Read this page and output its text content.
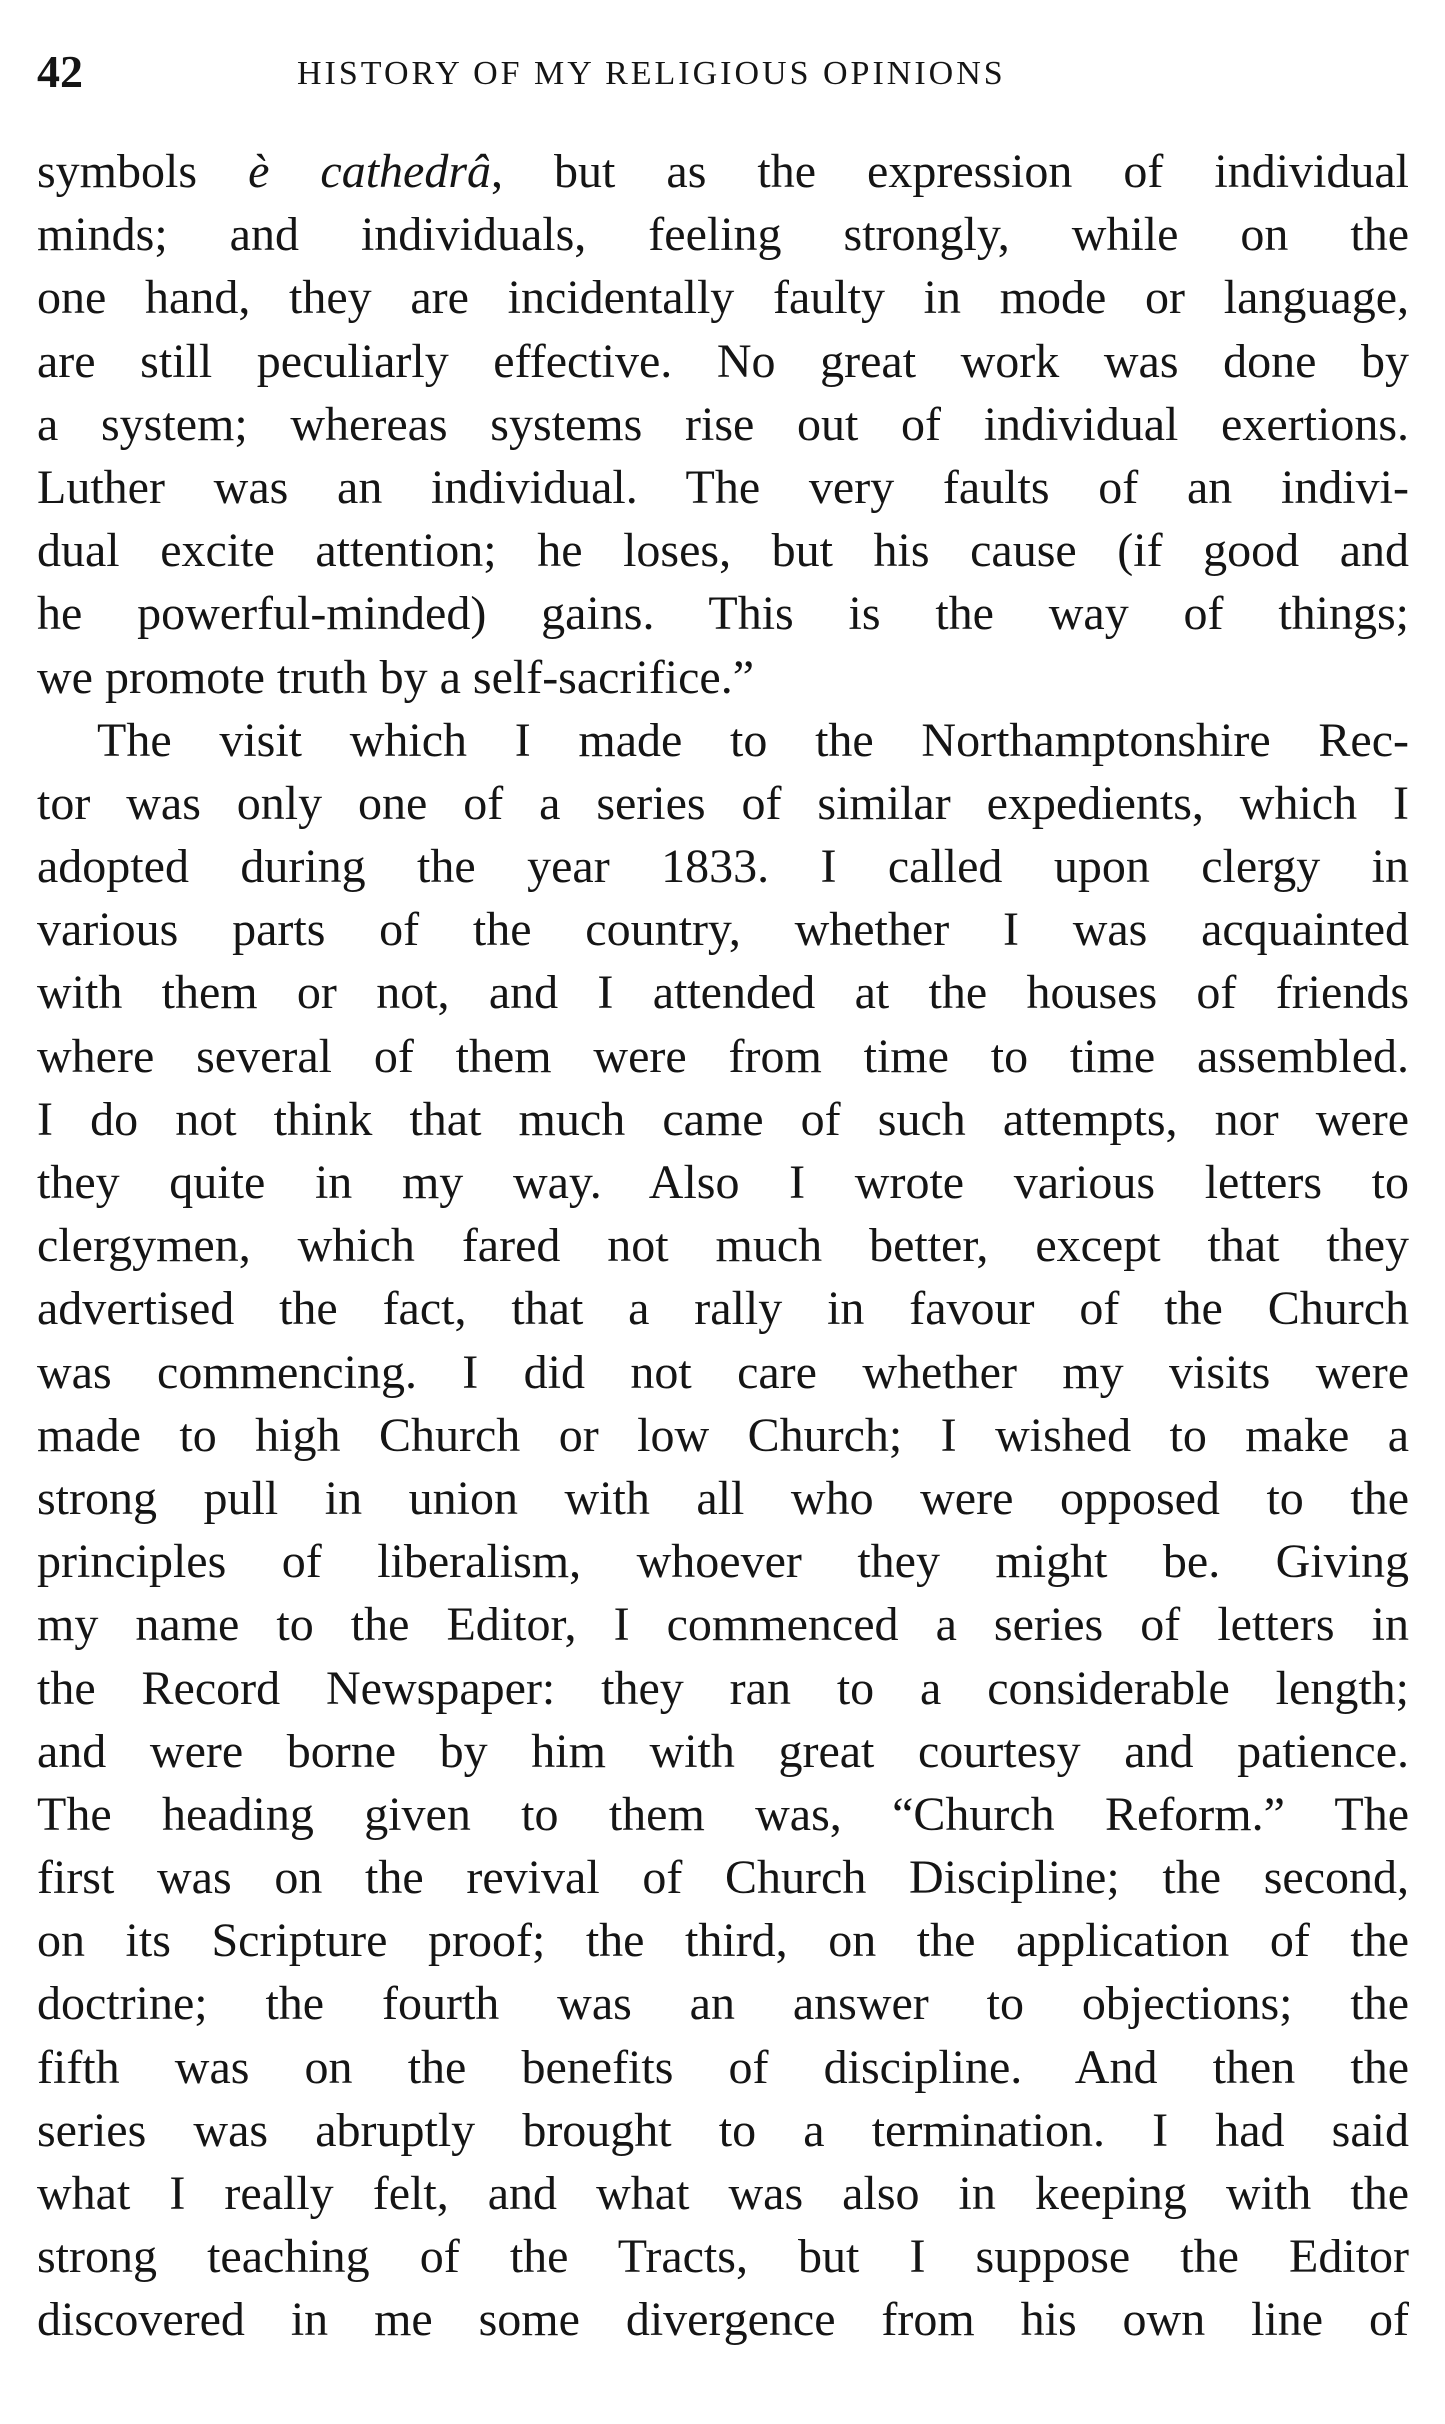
42	HISTORY OF MY RELIGIOUS OPINIONS
symbols è cathedrâ, but as the expression of individual
minds; and individuals, feeling strongly, while on the
one hand, they are incidentally faulty in mode or language,
are still peculiarly effective. No great work was done by
a system; whereas systems rise out of individual exertions.
Luther was an individual. The very faults of an indivi-
dual excite attention; he loses, but his cause (if good and
he powerful-minded) gains. This is the way of things;
we promote truth by a self-sacrifice.”
The visit which I made to the Northamptonshire Rec-
tor was only one of a series of similar expedients, which I
adopted during the year 1833. I called upon clergy in
various parts of the country, whether I was acquainted
with them or not, and I attended at the houses of friends
where several of them were from time to time assembled.
I do not think that much came of such attempts, nor were
they quite in my way. Also I wrote various letters to
clergymen, which fared not much better, except that they
advertised the fact, that a rally in favour of the Church
was commencing. I did not care whether my visits were
made to high Church or low Church; I wished to make a
strong pull in union with all who were opposed to the
principles of liberalism, whoever they might be. Giving
my name to the Editor, I commenced a series of letters in
the Record Newspaper: they ran to a considerable length;
and were borne by him with great courtesy and patience.
The heading given to them was, “Church Reform.” The
first was on the revival of Church Discipline; the second,
on its Scripture proof; the third, on the application of the
doctrine; the fourth was an answer to objections; the
fifth was on the benefits of discipline. And then the
series was abruptly brought to a termination. I had said
what I really felt, and what was also in keeping with the
strong teaching of the Tracts, but I suppose the Editor
discovered in me some divergence from his own line of
